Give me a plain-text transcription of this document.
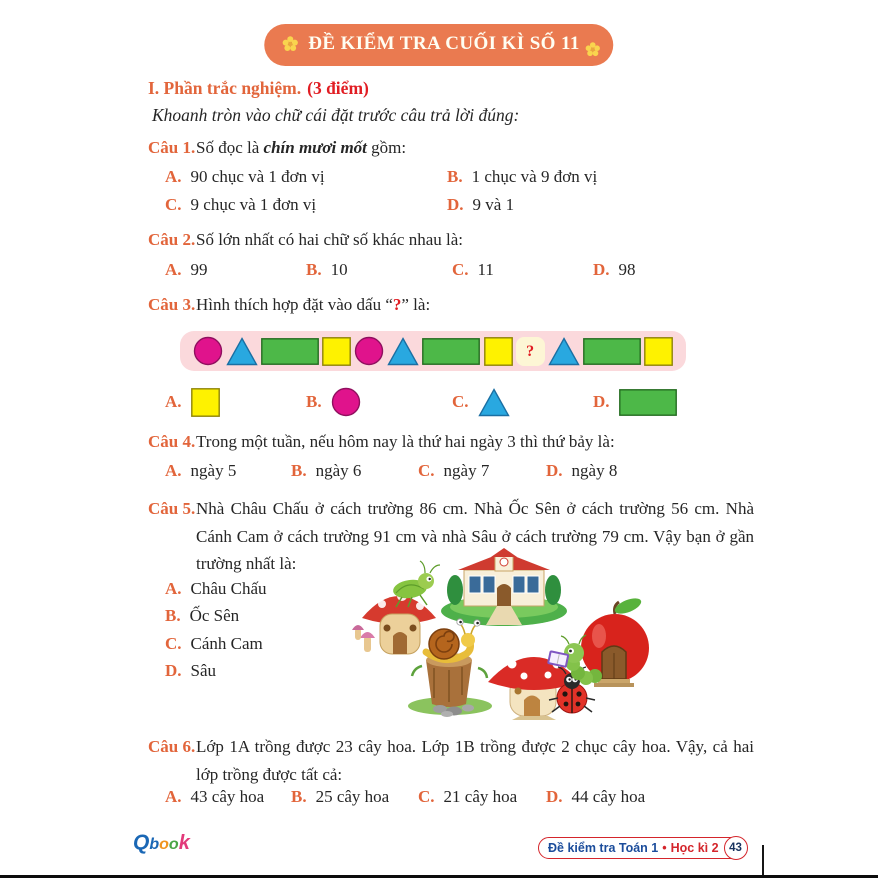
ĐỀ KIỂM TRA CUỐI KÌ SỐ 11
I. Phần trắc nghiệm. (3 điểm)
Khoanh tròn vào chữ cái đặt trước câu trả lời đúng:
Câu 1. Số đọc là chín mươi mốt gồm:
A. 90 chục và 1 đơn vị	B. 1 chục và 9 đơn vị
C. 9 chục và 1 đơn vị	D. 9 và 1
Câu 2. Số lớn nhất có hai chữ số khác nhau là:
A. 99	B. 10	C. 11	D. 98
Câu 3. Hình thích hợp đặt vào dấu “?” là:
?
A.	B.	C.	D.
Câu 4. Trong một tuần, nếu hôm nay là thứ hai ngày 3 thì thứ bảy là:
A. ngày 5	B. ngày 6	C. ngày 7	D. ngày 8
Câu 5.Nhà Châu Chấu ở cách trường 86 cm. Nhà Ốc Sên ở cách trường 56 cm. Nhà Cánh Cam ở cách trường 91 cm và nhà Sâu ở cách trường 79 cm. Vậy bạn ở gần trường nhất là:
A. Châu Chấu
B. Ốc Sên
C. Cánh Cam
D. Sâu
Câu 6.Lớp 1A trồng được 23 cây hoa. Lớp 1B trồng được 2 chục cây hoa. Vậy, cả hai lớp trồng được tất cả:
A. 43 cây hoa B. 25 cây hoa C. 21 cây hoa D. 44 cây hoa
Q b o o k	Đề kiểm tra Toán 1 • Học kì 2 43
